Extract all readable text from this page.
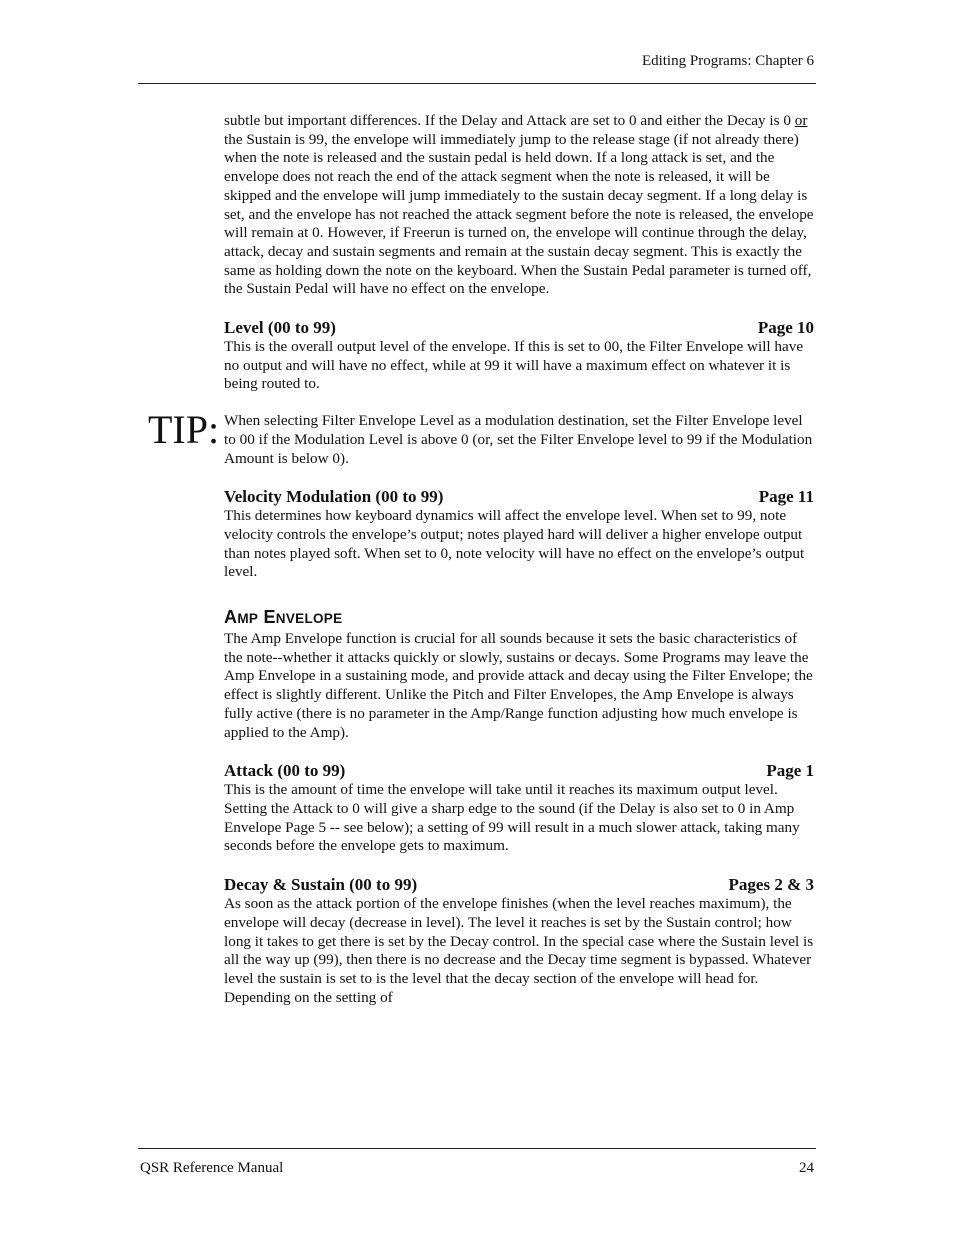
Editing Programs: Chapter 6

subtle but important differences. If the Delay and Attack are set to 0 and either the Decay is 0 or the Sustain is 99, the envelope will immediately jump to the release stage (if not already there) when the note is released and the sustain pedal is held down. If a long attack is set, and the envelope does not reach the end of the attack segment when the note is released, it will be skipped and the envelope will jump immediately to the sustain decay segment. If a long delay is set, and the envelope has not reached the attack segment before the note is released, the envelope will remain at 0. However, if Freerun is turned on, the envelope will continue through the delay, attack, decay and sustain segments and remain at the sustain decay segment. This is exactly the same as holding down the note on the keyboard. When the Sustain Pedal parameter is turned off, the Sustain Pedal will have no effect on the envelope.

Level (00 to 99)	Page 10

This is the overall output level of the envelope. If this is set to 00, the Filter Envelope will have no output and will have no effect, while at 99 it will have a maximum effect on whatever it is being routed to.

TIP: When selecting Filter Envelope Level as a modulation destination, set the Filter Envelope level to 00 if the Modulation Level is above 0 (or, set the Filter Envelope level to 99 if the Modulation Amount is below 0).

Velocity Modulation (00 to 99)	Page 11

This determines how keyboard dynamics will affect the envelope level. When set to 99, note velocity controls the envelope’s output; notes played hard will deliver a higher envelope output than notes played soft. When set to 0, note velocity will have no effect on the envelope’s output level.

AMP ENVELOPE

The Amp Envelope function is crucial for all sounds because it sets the basic characteristics of the note--whether it attacks quickly or slowly, sustains or decays. Some Programs may leave the Amp Envelope in a sustaining mode, and provide attack and decay using the Filter Envelope; the effect is slightly different. Unlike the Pitch and Filter Envelopes, the Amp Envelope is always fully active (there is no parameter in the Amp/Range function adjusting how much envelope is applied to the Amp).

Attack (00 to 99)	Page 1

This is the amount of time the envelope will take until it reaches its maximum output level. Setting the Attack to 0 will give a sharp edge to the sound (if the Delay is also set to 0 in Amp Envelope Page 5 -- see below); a setting of 99 will result in a much slower attack, taking many seconds before the envelope gets to maximum.

Decay & Sustain (00 to 99)	Pages 2 & 3

As soon as the attack portion of the envelope finishes (when the level reaches maximum), the envelope will decay (decrease in level). The level it reaches is set by the Sustain control; how long it takes to get there is set by the Decay control. In the special case where the Sustain level is all the way up (99), then there is no decrease and the Decay time segment is bypassed. Whatever level the sustain is set to is the level that the decay section of the envelope will head for. Depending on the setting of

QSR Reference Manual	24
